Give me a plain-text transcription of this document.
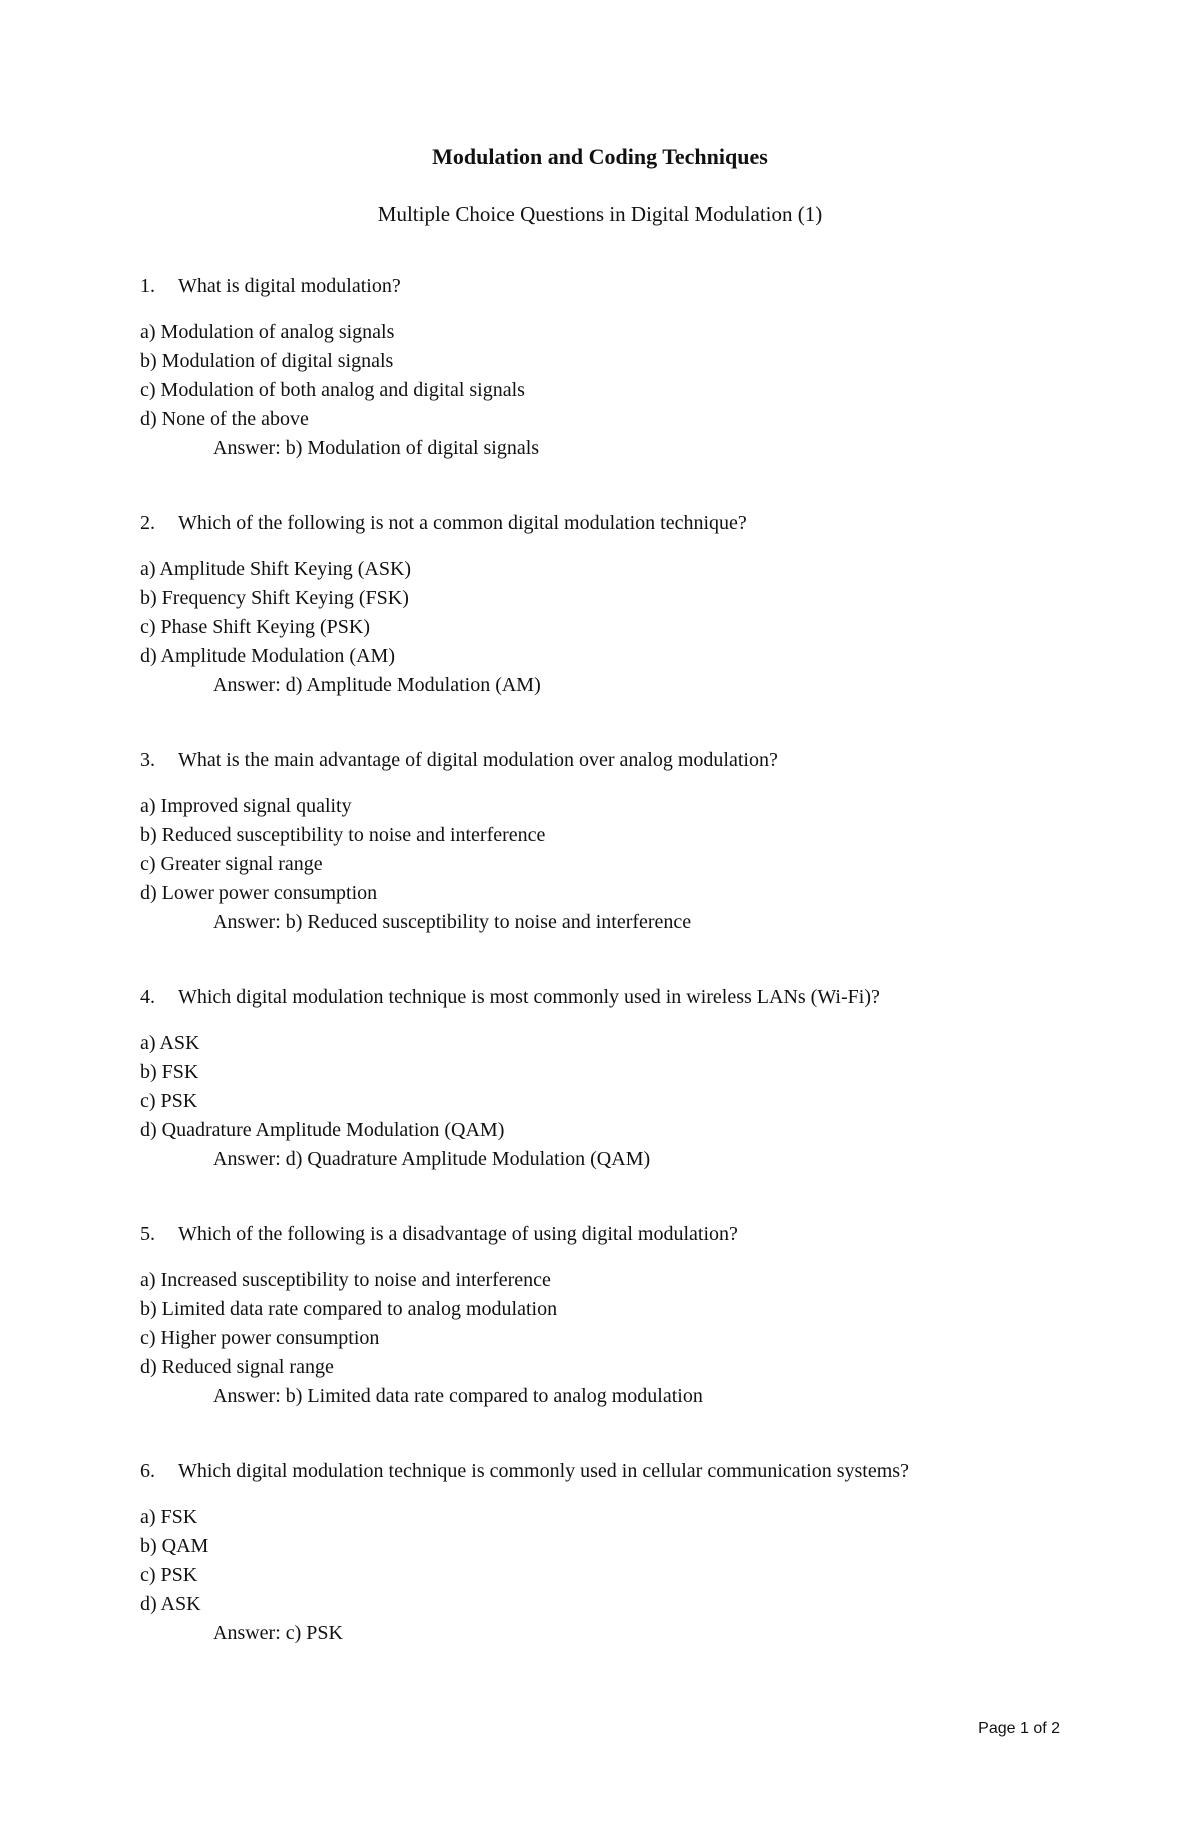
Modulation and Coding Techniques

Multiple Choice Questions in Digital Modulation (1)

1. What is digital modulation?

a) Modulation of analog signals
b) Modulation of digital signals
c) Modulation of both analog and digital signals
d) None of the above
Answer: b) Modulation of digital signals

2. Which of the following is not a common digital modulation technique?

a) Amplitude Shift Keying (ASK)
b) Frequency Shift Keying (FSK)
c) Phase Shift Keying (PSK)
d) Amplitude Modulation (AM)
Answer: d) Amplitude Modulation (AM)

3. What is the main advantage of digital modulation over analog modulation?

a) Improved signal quality
b) Reduced susceptibility to noise and interference
c) Greater signal range
d) Lower power consumption
Answer: b) Reduced susceptibility to noise and interference

4. Which digital modulation technique is most commonly used in wireless LANs (Wi-Fi)?

a) ASK
b) FSK
c) PSK
d) Quadrature Amplitude Modulation (QAM)
Answer: d) Quadrature Amplitude Modulation (QAM)

5. Which of the following is a disadvantage of using digital modulation?

a) Increased susceptibility to noise and interference
b) Limited data rate compared to analog modulation
c) Higher power consumption
d) Reduced signal range
Answer: b) Limited data rate compared to analog modulation

6. Which digital modulation technique is commonly used in cellular communication systems?

a) FSK
b) QAM
c) PSK
d) ASK
Answer: c) PSK
Page 1 of 2
